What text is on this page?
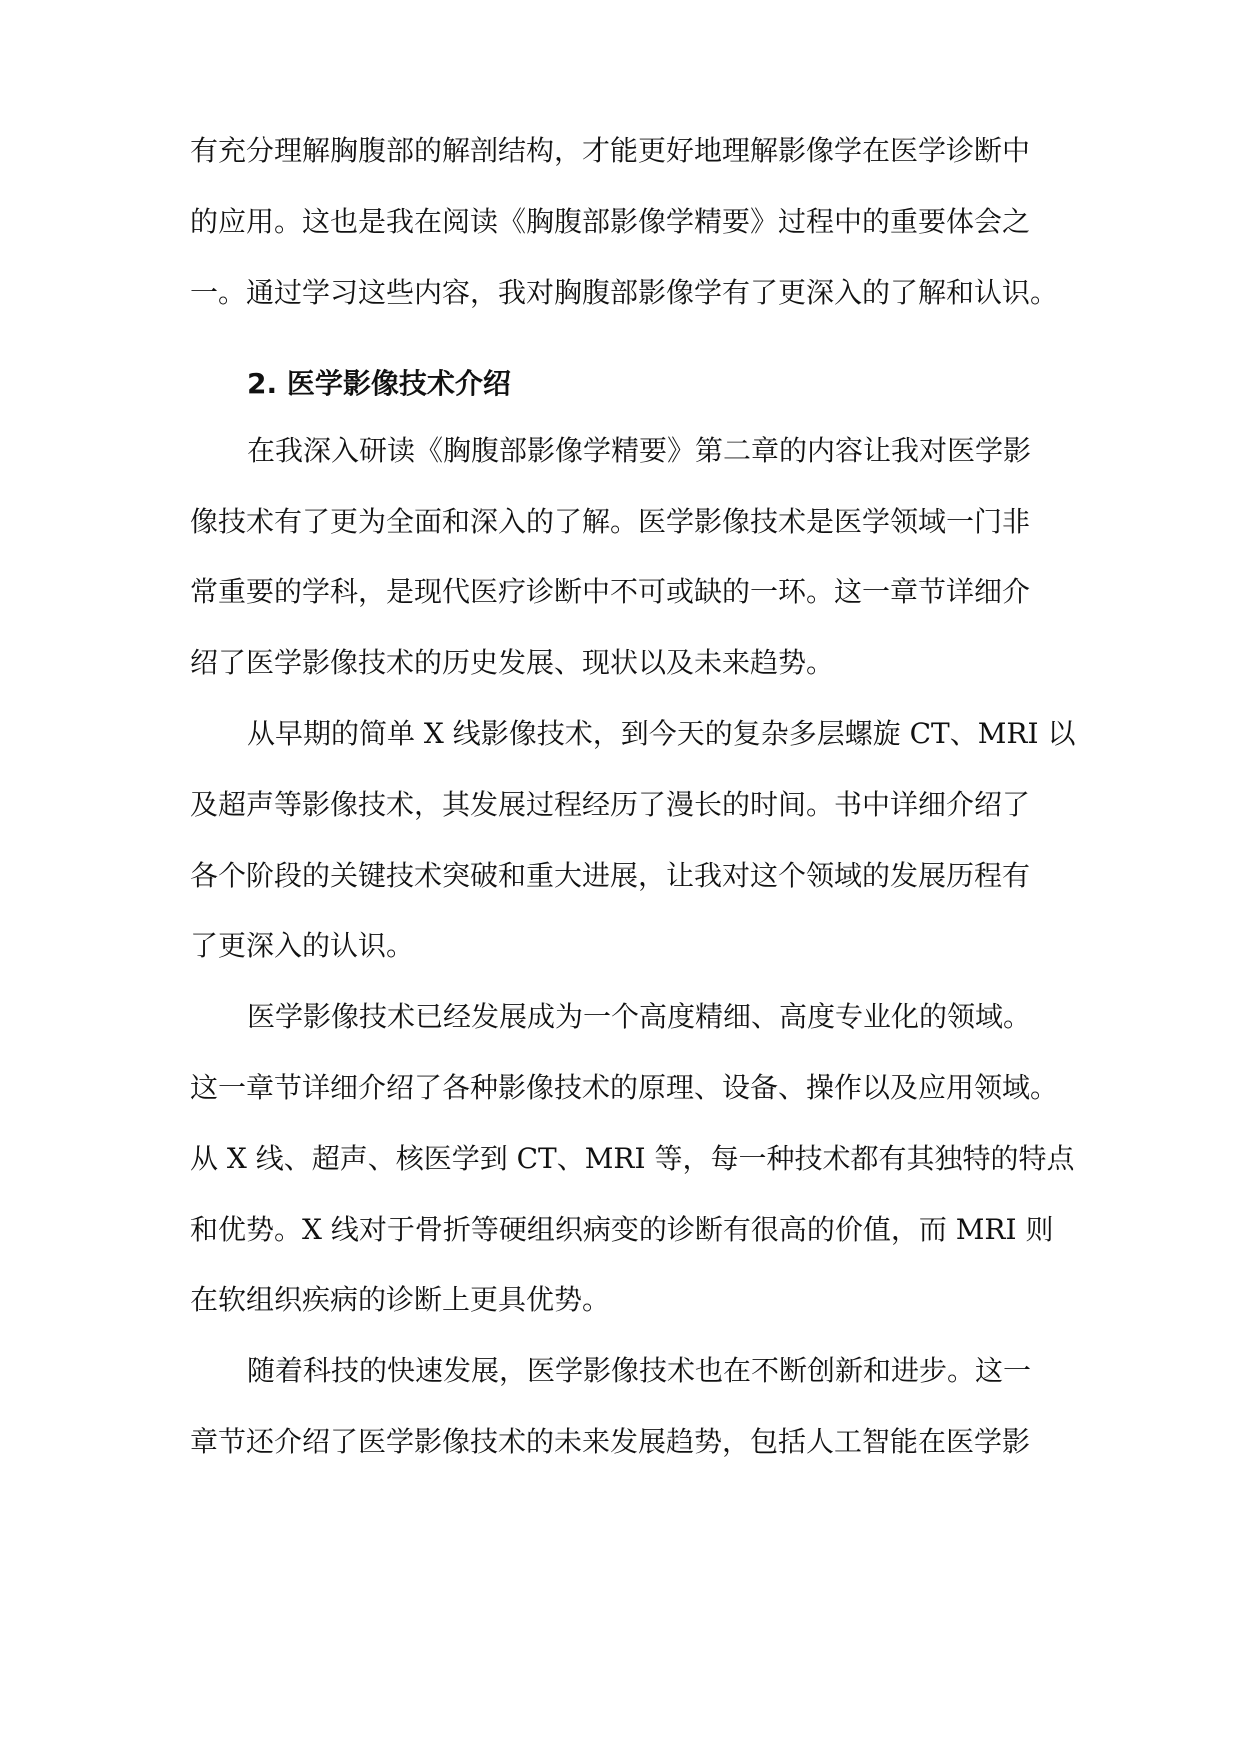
有充分理解胸腹部的解剖结构，才能更好地理解影像学在医学诊断中
的应用。这也是我在阅读《胸腹部影像学精要》过程中的重要体会之
一。通过学习这些内容，我对胸腹部影像学有了更深入的了解和认识。
2. 医学影像技术介绍
在我深入研读《胸腹部影像学精要》第二章的内容让我对医学影
像技术有了更为全面和深入的了解。医学影像技术是医学领域一门非
常重要的学科，是现代医疗诊断中不可或缺的一环。这一章节详细介
绍了医学影像技术的历史发展、现状以及未来趋势。
从早期的简单 X 线影像技术，到今天的复杂多层螺旋 CT、MRI 以
及超声等影像技术，其发展过程经历了漫长的时间。书中详细介绍了
各个阶段的关键技术突破和重大进展，让我对这个领域的发展历程有
了更深入的认识。
医学影像技术已经发展成为一个高度精细、高度专业化的领域。
这一章节详细介绍了各种影像技术的原理、设备、操作以及应用领域。
从 X 线、超声、核医学到 CT、MRI 等，每一种技术都有其独特的特点
和优势。X 线对于骨折等硬组织病变的诊断有很高的价值，而 MRI 则
在软组织疾病的诊断上更具优势。
随着科技的快速发展，医学影像技术也在不断创新和进步。这一
章节还介绍了医学影像技术的未来发展趋势，包括人工智能在医学影
